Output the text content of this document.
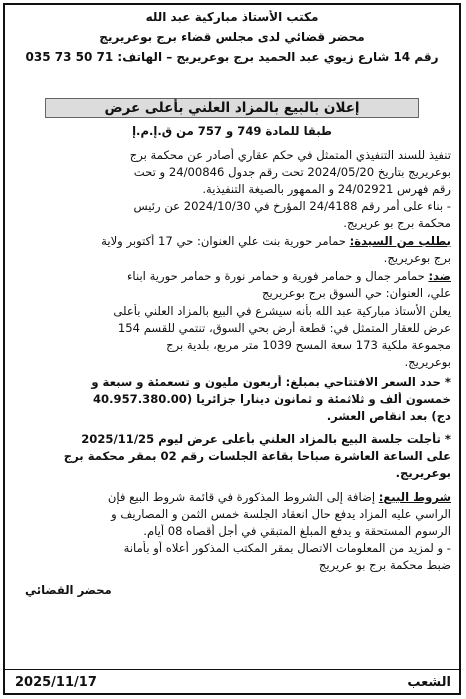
مكتب الأستاذ مباركية عبد الله
محضر قضائي لدى مجلس قضاء برج بوعريريج
رقم 14 شارع زيوي عبد الحميد برج بوعريريج – الهاتف: 71 50 73 035
إعلان بالبيع بالمزاد العلني بأعلى عرض
طبقا للمادة 749 و 757 من ق.إ.م.إ
تنفيذ للسند التنفيذي المتمثل في حكم عقاري أصادر عن محكمة برج
بوعريريج بتاريخ 2024/05/20 تحت رقم جدول 24/00846 و تحت
رقم فهرس 24/02921 و الممهور بالصيغة التنفيذية.
- بناء على أمر رقم 24/4188 المؤرخ في 2024/10/30 عن رئيس
محكمة برج بو عريريج.
بطلب من السيدة: حمامر حورية بنت علي العنوان: حي 17 أكتوبر ولاية
برج بوعريريج.
ضد: حمامر جمال و حمامر فورية و حمامر نورة و حمامر حورية ابناء
علي، العنوان: حي السوق برج بوعريريج
يعلن الأستاذ مباركية عبد الله بأنه سيشرع في البيع بالمزاد العلني بأعلى
عرض للعقار المتمثل في: قطعة أرض بحي السوق، تنتمي للقسم 154
مجموعة ملكية 173 سعة المسح 1039 متر مربع، بلدية برج
بوعريريج.
* حدد السعر الافتتاحي بمبلغ: أربعون مليون و تسعمئة و سبعة و
خمسون ألف و ثلاثمئة و ثمانون دينارا جزائريا (40.957.380.00
دج) بعد انقاص العشر.
* تأجلت جلسة البيع بالمزاد العلني بأعلى عرض ليوم 2025/11/25
على الساعة العاشرة صباحا بقاعة الجلسات رقم 02 بمقر محكمة برج
بوعريريج.
شروط البيع: إضافة إلى الشروط المذكورة في قائمة شروط البيع فإن
الراسي عليه المزاد يدفع حال انعقاد الجلسة خمس الثمن و المصاريف و
الرسوم المستحقة و يدفع المبلغ المتبقي في أجل أقصاه 08 أيام.
- و لمزيد من المعلومات الاتصال بمقر المكتب المذكور أعلاه أو بأمانة
ضبط محكمة برج بو عريريج
محضر القضائي
الشعب
2025/11/17
